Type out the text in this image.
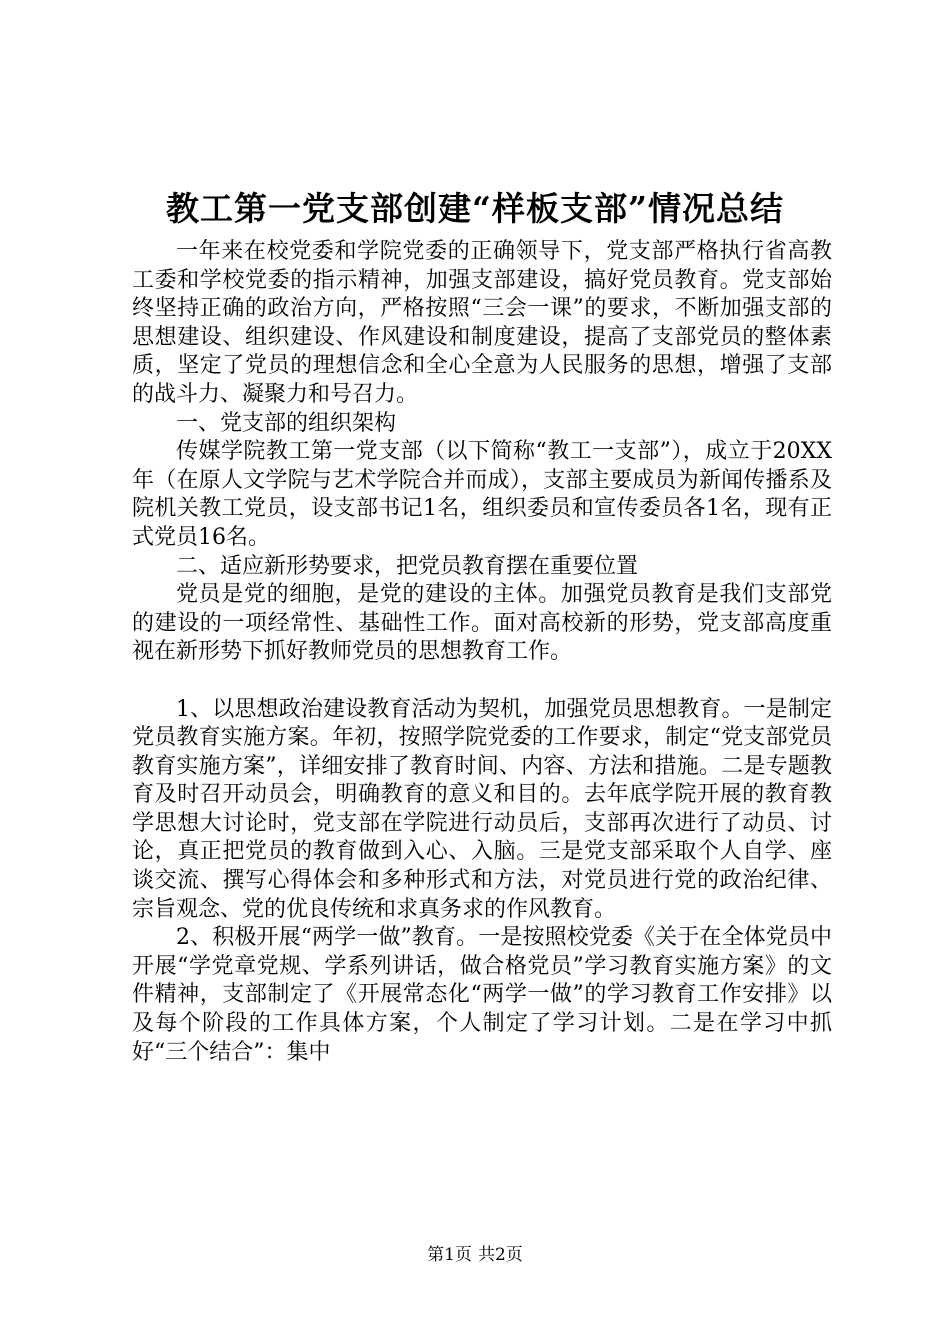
教工第一党支部创建“样板支部”情况总结

一年来在校党委和学院党委的正确领导下，党支部严格执行省高教工委和学校党委的指示精神，加强支部建设，搞好党员教育。党支部始终坚持正确的政治方向，严格按照“三会一课”的要求，不断加强支部的思想建设、组织建设、作风建设和制度建设，提高了支部党员的整体素质，坚定了党员的理想信念和全心全意为人民服务的思想，增强了支部的战斗力、凝聚力和号召力。

一、党支部的组织架构

传媒学院教工第一党支部（以下简称“教工一支部”），成立于20XX年（在原人文学院与艺术学院合并而成），支部主要成员为新闻传播系及院机关教工党员，设支部书记1名，组织委员和宣传委员各1名，现有正式党员16名。

二、适应新形势要求，把党员教育摆在重要位置

党员是党的细胞，是党的建设的主体。加强党员教育是我们支部党的建设的一项经常性、基础性工作。面对高校新的形势，党支部高度重视在新形势下抓好教师党员的思想教育工作。

1、以思想政治建设教育活动为契机，加强党员思想教育。一是制定党员教育实施方案。年初，按照学院党委的工作要求，制定“党支部党员教育实施方案”，详细安排了教育时间、内容、方法和措施。二是专题教育及时召开动员会，明确教育的意义和目的。去年底学院开展的教育教学思想大讨论时，党支部在学院进行动员后，支部再次进行了动员、讨论，真正把党员的教育做到入心、入脑。三是党支部采取个人自学、座谈交流、撰写心得体会和多种形式和方法，对党员进行党的政治纪律、宗旨观念、党的优良传统和求真务求的作风教育。

2、积极开展“两学一做”教育。一是按照校党委《关于在全体党员中开展“学党章党规、学系列讲话，做合格党员”学习教育实施方案》的文件精神，支部制定了《开展常态化“两学一做”的学习教育工作安排》以及每个阶段的工作具体方案，个人制定了学习计划。二是在学习中抓好“三个结合”：集中

第1页 共2页
